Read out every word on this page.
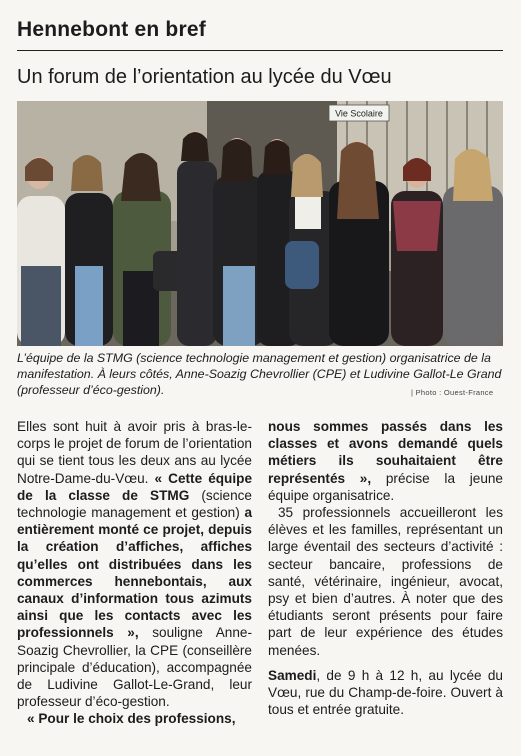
Hennebont en bref
Un forum de l’orientation au lycée du Vœu
Vie Scolaire

L’équipe de la STMG (science technologie management et gestion) organisatrice de la manifestation. À leurs côtés, Anne-Soazig Chevrollier (CPE) et Ludivine Gallot-Le Grand (professeur d’éco-gestion).	| Photo : Ouest-France

Elles sont huit à avoir pris à bras-le-corps le projet de forum de l’orientation qui se tient tous les deux ans au lycée Notre-Dame-du-Vœu. « Cette équipe de la classe de STMG (science technologie management et gestion) a entièrement monté ce projet, depuis la création d’affiches, affiches qu’elles ont distribuées dans les commerces hennebontais, aux canaux d’information tous azimuts ainsi que les contacts avec les professionnels », souligne Anne-Soazig Chevrollier, la CPE (conseillère principale d’éducation), accompagnée de Ludivine Gallot-Le-Grand, leur professeur d’éco-gestion.

« Pour le choix des professions,

nous sommes passés dans les classes et avons demandé quels métiers ils souhaitaient être représentés », précise la jeune équipe organisatrice.

35 professionnels accueilleront les élèves et les familles, représentant un large éventail des secteurs d’activité : secteur bancaire, professions de santé, vétérinaire, ingénieur, avocat, psy et bien d’autres. À noter que des étudiants seront présents pour faire part de leur expérience des études menées.

Samedi, de 9 h à 12 h, au lycée du Vœu, rue du Champ-de-foire. Ouvert à tous et entrée gratuite.
